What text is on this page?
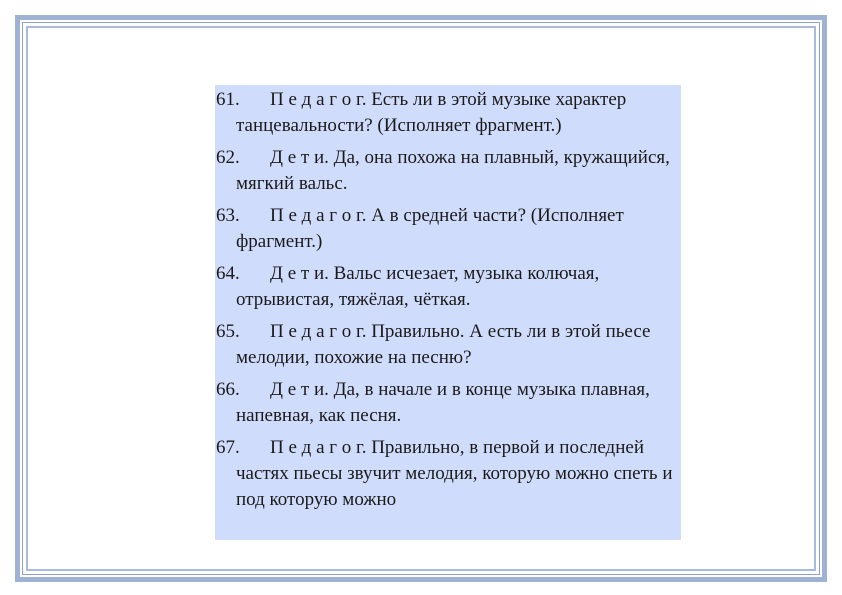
61. П е д а г о г. Есть ли в этой музыке характер танцевальности? (Исполняет фрагмент.)

62. Д е т и. Да, она похожа на плавный, кружащийся, мягкий вальс.

63. П е д а г о г. А в средней части? (Исполняет фрагмент.)

64. Д е т и. Вальс исчезает, музыка колючая, отрывистая, тяжёлая, чёткая.

65. П е д а г о г. Правильно. А есть ли в этой пьесе мелодии, похожие на песню?

66. Д е т и. Да, в начале и в конце музыка плавная, напевная, как песня.

67. П е д а г о г. Правильно, в первой и последней частях пьесы звучит мелодия, которую можно спеть и под которую можно
